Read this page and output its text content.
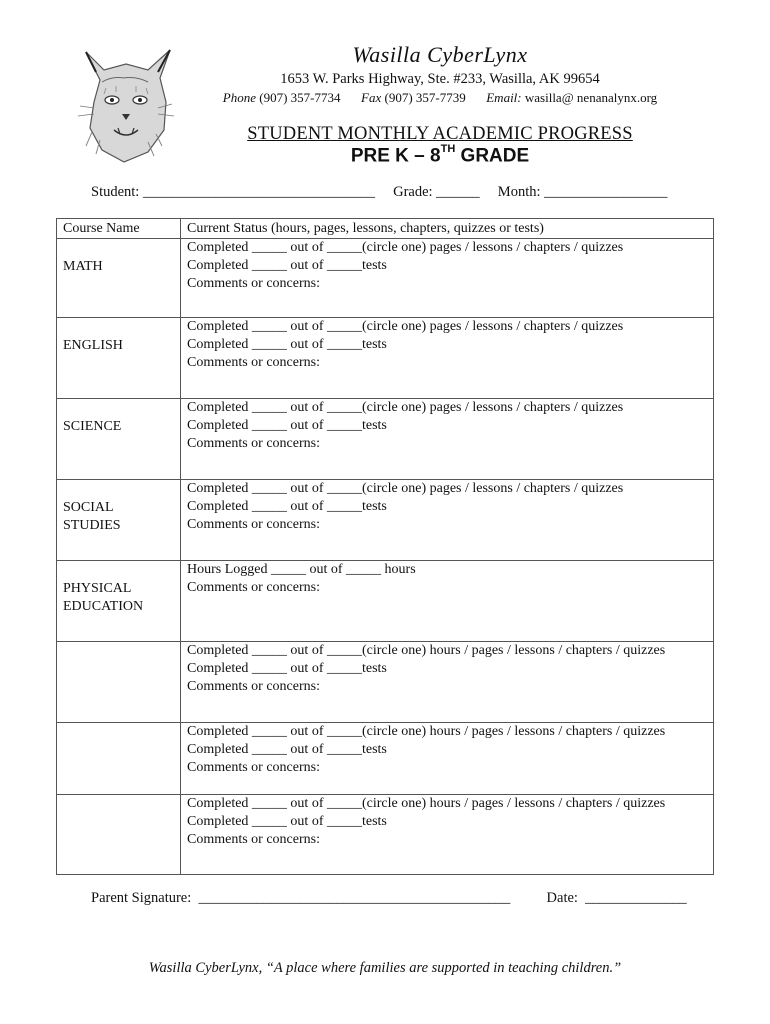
Wasilla CyberLynx
1653 W. Parks Highway, Ste. #233, Wasilla, AK 99654
Phone (907) 357-7734 Fax (907) 357-7739 Email: wasilla@ nenanalynx.org
STUDENT MONTHLY ACADEMIC PROGRESS
PRE K – 8TH GRADE
Student: ________________________________ Grade: ______ Month: _________________
Course Name	Current Status (hours, pages, lessons, chapters, quizzes or tests)

MATH	Completed _____ out of _____(circle one) pages / lessons / chapters / quizzes
Completed _____ out of _____tests
Comments or concerns:

ENGLISH	Completed _____ out of _____(circle one) pages / lessons / chapters / quizzes
Completed _____ out of _____tests
Comments or concerns:

SCIENCE	Completed _____ out of _____(circle one) pages / lessons / chapters / quizzes
Completed _____ out of _____tests
Comments or concerns:

SOCIAL
STUDIES	Completed _____ out of _____(circle one) pages / lessons / chapters / quizzes
Completed _____ out of _____tests
Comments or concerns:

PHYSICAL
EDUCATION	Hours Logged _____ out of _____ hours
Comments or concerns:

	Completed _____ out of _____(circle one) hours / pages / lessons / chapters / quizzes
Completed _____ out of _____tests
Comments or concerns:

	Completed _____ out of _____(circle one) hours / pages / lessons / chapters / quizzes
Completed _____ out of _____tests
Comments or concerns:

	Completed _____ out of _____(circle one) hours / pages / lessons / chapters / quizzes
Completed _____ out of _____tests
Comments or concerns:
Parent Signature:  ___________________________________________	Date:  ______________
Wasilla CyberLynx, “A place where families are supported in teaching children.”
